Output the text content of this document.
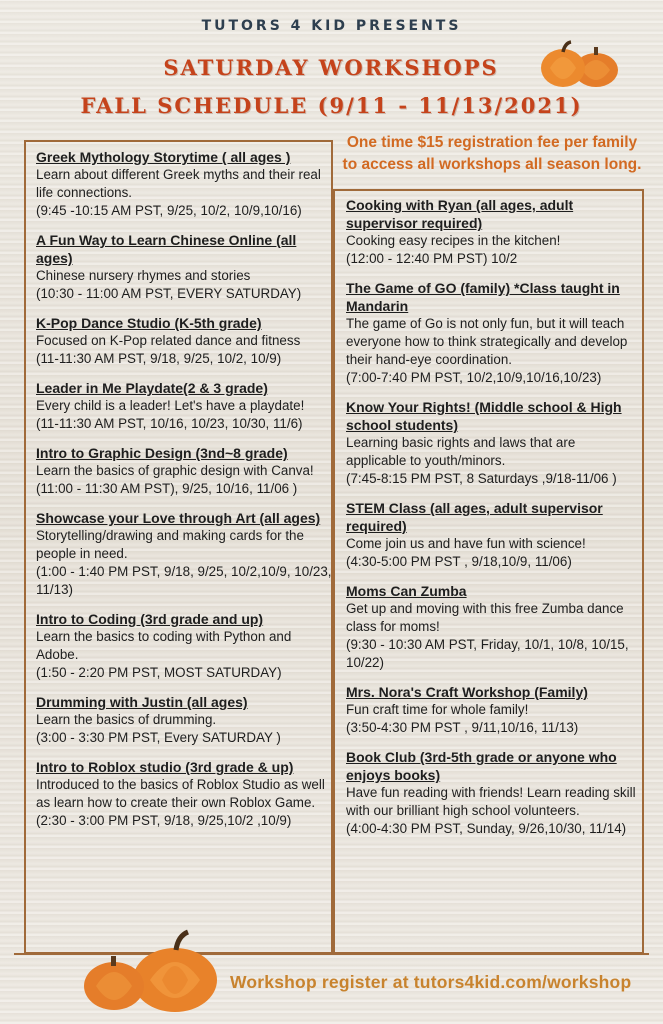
TUTORS 4 KID PRESENTS
SATURDAY WORKSHOPS
FALL SCHEDULE (9/11 - 11/13/2021)
One time $15 registration fee per family to access all workshops all season long.
Greek Mythology Storytime ( all ages )
Learn about different Greek myths and their real life connections.
(9:45 -10:15 AM PST, 9/25, 10/2, 10/9,10/16)
A Fun Way to Learn Chinese Online (all ages)
Chinese nursery rhymes and stories
(10:30 - 11:00 AM PST, EVERY SATURDAY)
K-Pop Dance Studio (K-5th grade)
Focused on K-Pop related dance and fitness
(11-11:30 AM PST, 9/18, 9/25, 10/2, 10/9)
Leader in Me Playdate(2 & 3 grade)
Every child is a leader! Let's have a playdate!
(11-11:30 AM PST, 10/16, 10/23, 10/30, 11/6)
Intro to Graphic Design (3nd~8 grade)
Learn the basics of graphic design with Canva!
(11:00 - 11:30 AM PST), 9/25, 10/16, 11/06 )
Showcase your Love through Art (all ages)
Storytelling/drawing and making cards for the people in need.
(1:00 - 1:40 PM PST, 9/18, 9/25, 10/2,10/9, 10/23, 11/13)
Intro to Coding (3rd grade and up)
Learn the basics to coding with Python and Adobe.
(1:50 - 2:20 PM PST, MOST SATURDAY)
Drumming with Justin (all ages)
Learn the basics of drumming.
(3:00 - 3:30 PM PST, Every SATURDAY )
Intro to Roblox studio (3rd grade & up)
Introduced to the basics of Roblox Studio as well as learn how to create their own Roblox Game.
(2:30 - 3:00 PM PST, 9/18, 9/25,10/2 ,10/9)
Cooking with Ryan (all ages, adult supervisor required)
Cooking easy recipes in the kitchen!
(12:00 - 12:40 PM PST) 10/2
The Game of GO (family) *Class taught in Mandarin
The game of Go is not only fun, but it will teach everyone how to think strategically and develop their hand-eye coordination.
(7:00-7:40 PM PST, 10/2,10/9,10/16,10/23)
Know Your Rights! (Middle school & High school students)
Learning basic rights and laws that are applicable to youth/minors.
(7:45-8:15 PM PST, 8 Saturdays ,9/18-11/06 )
STEM Class (all ages, adult supervisor required)
Come join us and have fun with science!
(4:30-5:00 PM PST , 9/18,10/9, 11/06)
Moms Can Zumba
Get up and moving with this free Zumba dance class for moms!
(9:30 - 10:30 AM PST, Friday, 10/1, 10/8, 10/15, 10/22)
Mrs. Nora's Craft Workshop (Family)
Fun craft time for whole family!
(3:50-4:30 PM PST , 9/11,10/16, 11/13)
Book Club (3rd-5th grade or anyone who enjoys books)
Have fun reading with friends! Learn reading skill with our brilliant high school volunteers.
(4:00-4:30 PM PST, Sunday, 9/26,10/30, 11/14)
Workshop register at tutors4kid.com/workshop
